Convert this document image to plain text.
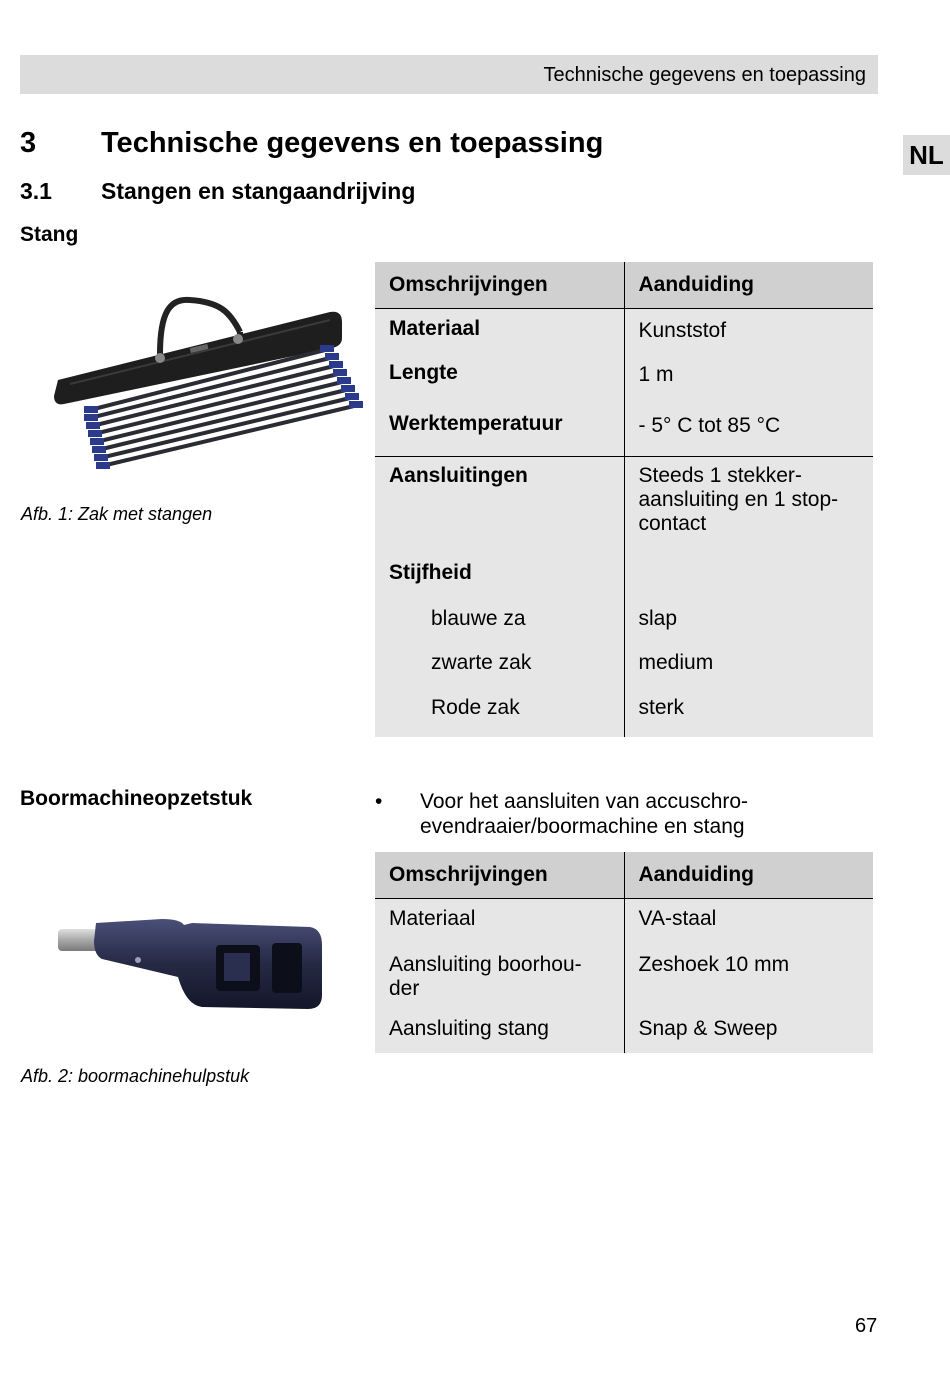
Technische gegevens en toepassing
NL
3 Technische gegevens en toepassing
3.1 Stangen en stangaandrijving
Stang
Afb. 1: Zak met stangen
Omschrijvingen	Aanduiding
Materiaal	Kunststof
Lengte	1 m
Werktemperatuur	- 5° C tot 85 °C
Aansluitingen	Steeds 1 stekker-
aansluiting en 1 stop-
contact
Stijfheid	
blauwe za	slap
zwarte zak	medium
Rode zak	sterk
Boormachineopzetstuk	• Voor het aansluiten van accuschro-
evendraaier/boormachine en stang
Afb. 2: boormachinehulpstuk
Omschrijvingen	Aanduiding
Materiaal	VA-staal
Aansluiting boorhou-
der	Zeshoek 10 mm
Aansluiting stang	Snap & Sweep
67
